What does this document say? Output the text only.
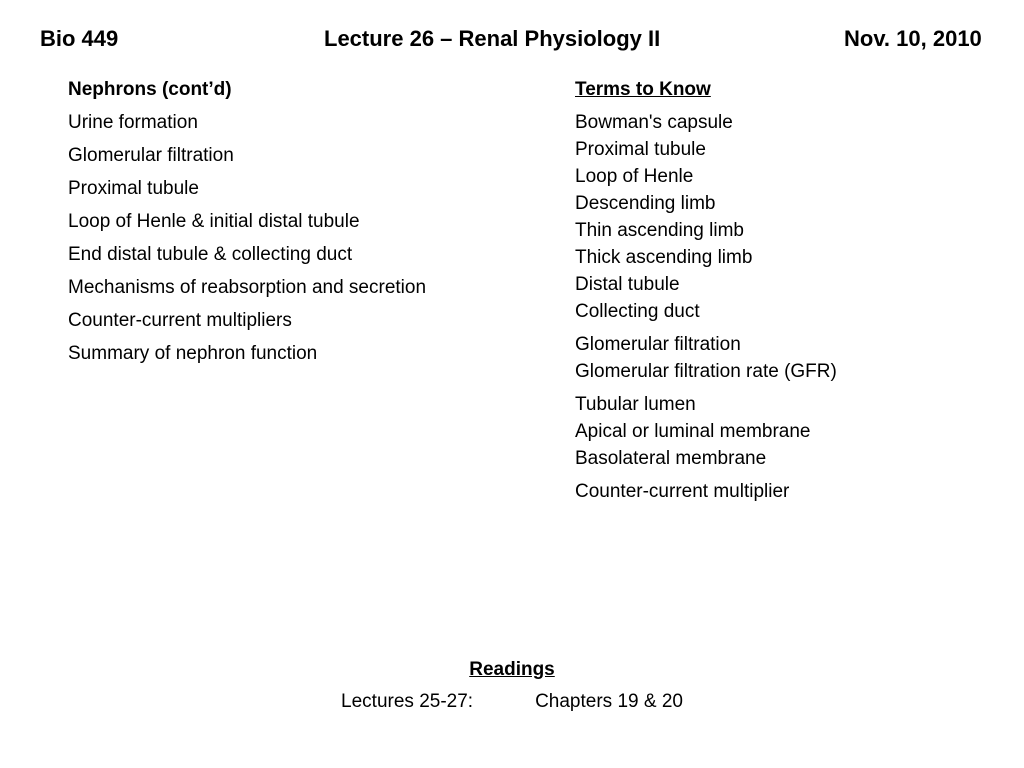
Bio 449	Lecture 26 – Renal Physiology II	Nov. 10, 2010
Nephrons (cont’d)
Urine formation
Glomerular filtration
Proximal tubule
Loop of Henle & initial distal tubule
End distal tubule & collecting duct
Mechanisms of reabsorption and secretion
Counter-current multipliers
Summary of nephron function
Terms to Know
Bowman's capsule
Proximal tubule
Loop of Henle
Descending limb
Thin ascending limb
Thick ascending limb
Distal tubule
Collecting duct
Glomerular filtration
Glomerular filtration rate (GFR)
Tubular lumen
Apical or luminal membrane
Basolateral membrane
Counter-current multiplier
Readings
Lectures 25-27:	Chapters 19 & 20
